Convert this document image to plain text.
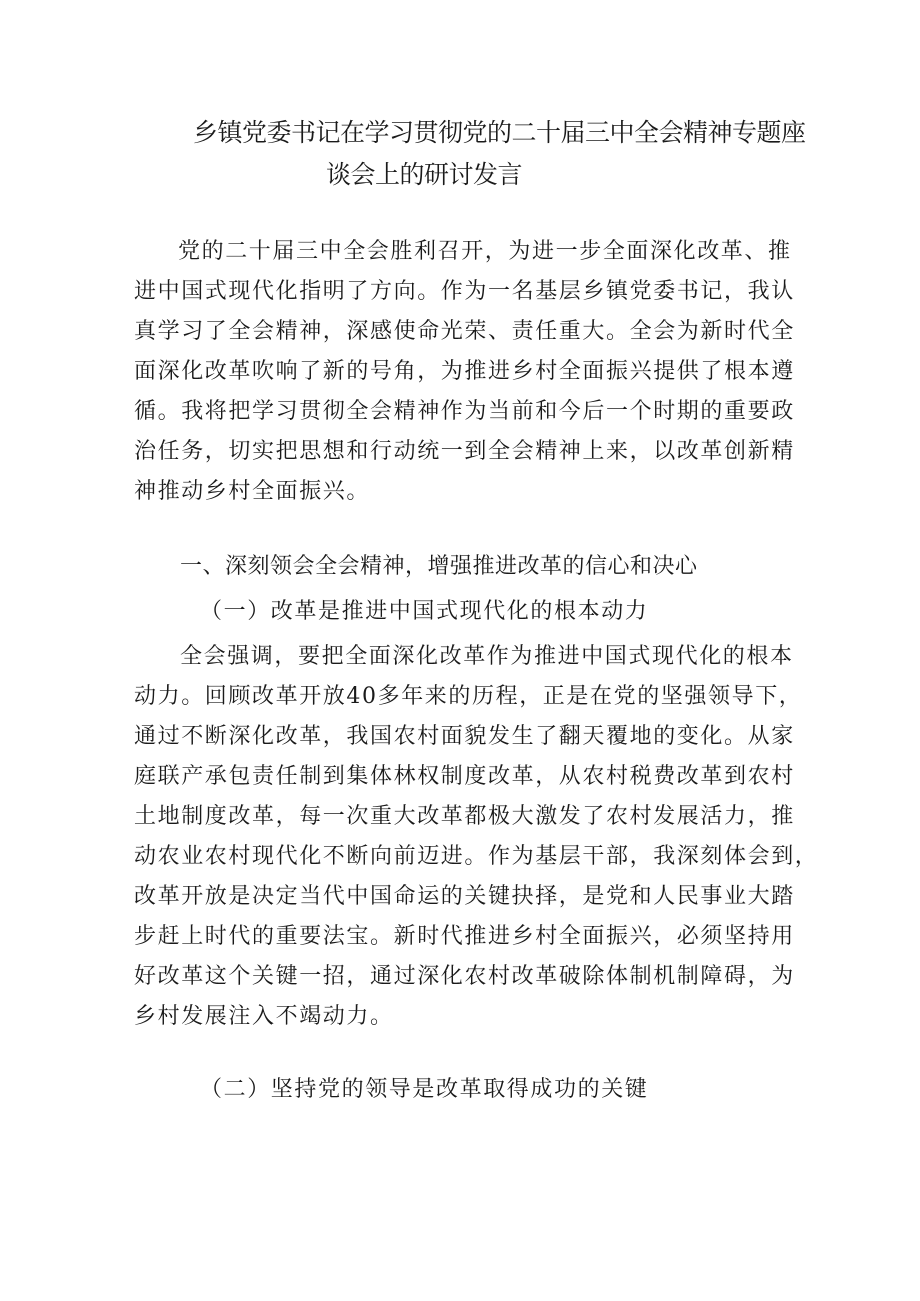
乡镇党委书记在学习贯彻党的二十届三中全会精神专题座
谈会上的研讨发言
党的二十届三中全会胜利召开，为进一步全面深化改革、推
进中国式现代化指明了方向。作为一名基层乡镇党委书记，我认
真学习了全会精神，深感使命光荣、责任重大。全会为新时代全
面深化改革吹响了新的号角，为推进乡村全面振兴提供了根本遵
循。我将把学习贯彻全会精神作为当前和今后一个时期的重要政
治任务，切实把思想和行动统一到全会精神上来，以改革创新精
神推动乡村全面振兴。
一、深刻领会全会精神，增强推进改革的信心和决心
（一）改革是推进中国式现代化的根本动力
全会强调，要把全面深化改革作为推进中国式现代化的根本
动力。回顾改革开放40多年来的历程，正是在党的坚强领导下，
通过不断深化改革，我国农村面貌发生了翻天覆地的变化。从家
庭联产承包责任制到集体林权制度改革，从农村税费改革到农村
土地制度改革，每一次重大改革都极大激发了农村发展活力，推
动农业农村现代化不断向前迈进。作为基层干部，我深刻体会到，
改革开放是决定当代中国命运的关键抉择，是党和人民事业大踏
步赶上时代的重要法宝。新时代推进乡村全面振兴，必须坚持用
好改革这个关键一招，通过深化农村改革破除体制机制障碍，为
乡村发展注入不竭动力。
（二）坚持党的领导是改革取得成功的关键
